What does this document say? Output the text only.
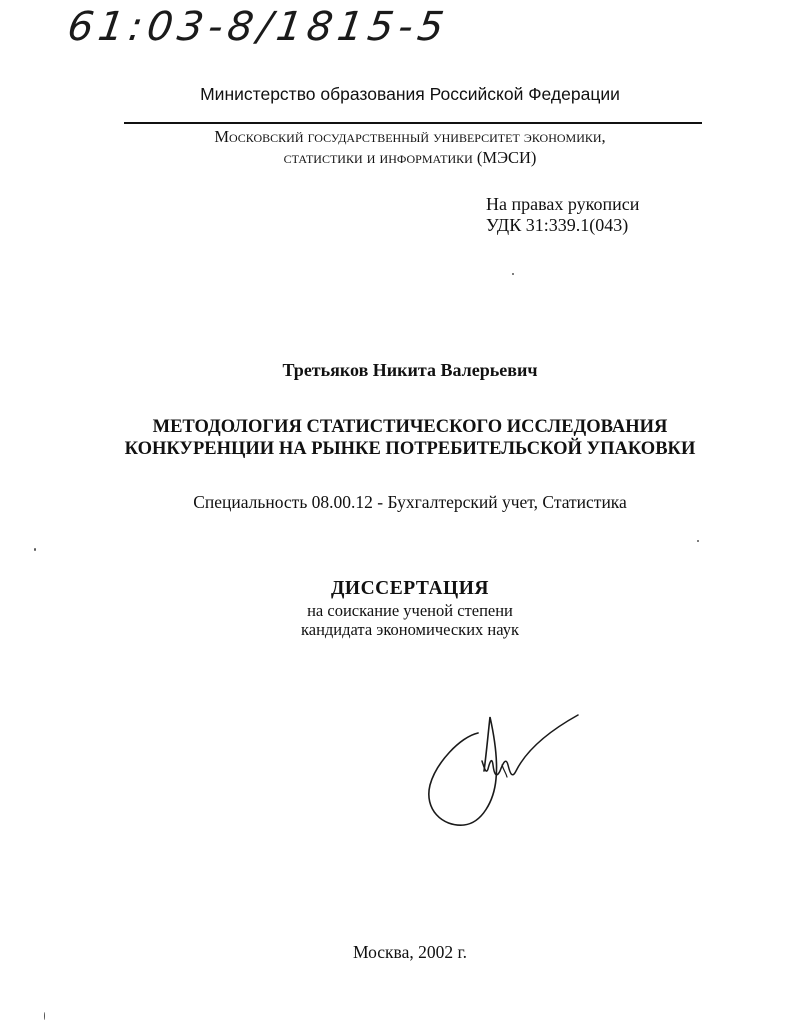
61:03-8/1815-5
Министерство образования Российской Федерации
Московский государственный университет экономики,
статистики и информатики (МЭСИ)
На правах рукописи
УДК 31:339.1(043)
Третьяков Никита Валерьевич
МЕТОДОЛОГИЯ СТАТИСТИЧЕСКОГО ИССЛЕДОВАНИЯ
КОНКУРЕНЦИИ НА РЫНКЕ ПОТРЕБИТЕЛЬСКОЙ УПАКОВКИ
Специальность 08.00.12 - Бухгалтерский учет, Статистика
ДИССЕРТАЦИЯ
на соискание ученой степени
кандидата экономических наук
Москва, 2002 г.
